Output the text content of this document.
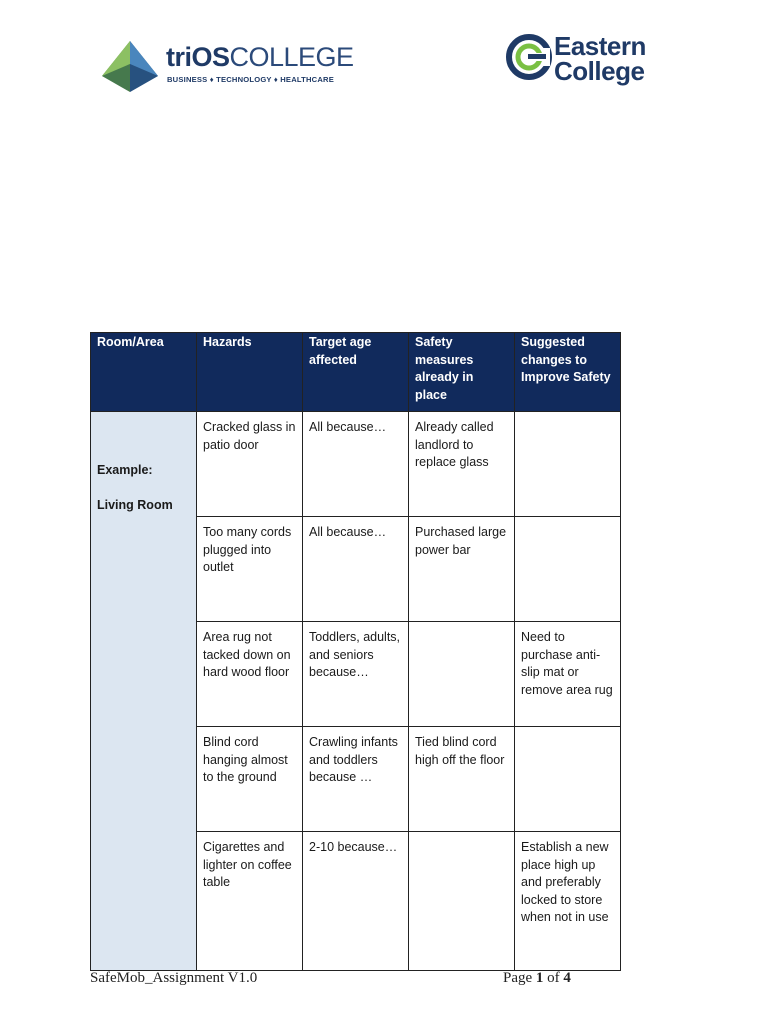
triOSCOLLEGE
BUSINESS ♦ TECHNOLOGY ♦ HEALTHCARE
Eastern
College
Room/Area	Hazards	Target age affected	Safety measures already in place	Suggested changes to Improve Safety

Example:
Living Room	Cracked glass in patio door	All because…	Already called landlord to replace glass	
	Too many cords plugged into outlet	All because…	Purchased large power bar	
	Area rug not tacked down on hard wood floor	Toddlers, adults, and seniors because…		Need to purchase anti-slip mat or remove area rug
	Blind cord hanging almost to the ground	Crawling infants and toddlers because …	Tied blind cord high off the floor	
	Cigarettes and lighter on coffee table	2-10 because…		Establish a new place high up and preferably locked to store when not in use
SafeMob_Assignment V1.0	Page 1 of 4
